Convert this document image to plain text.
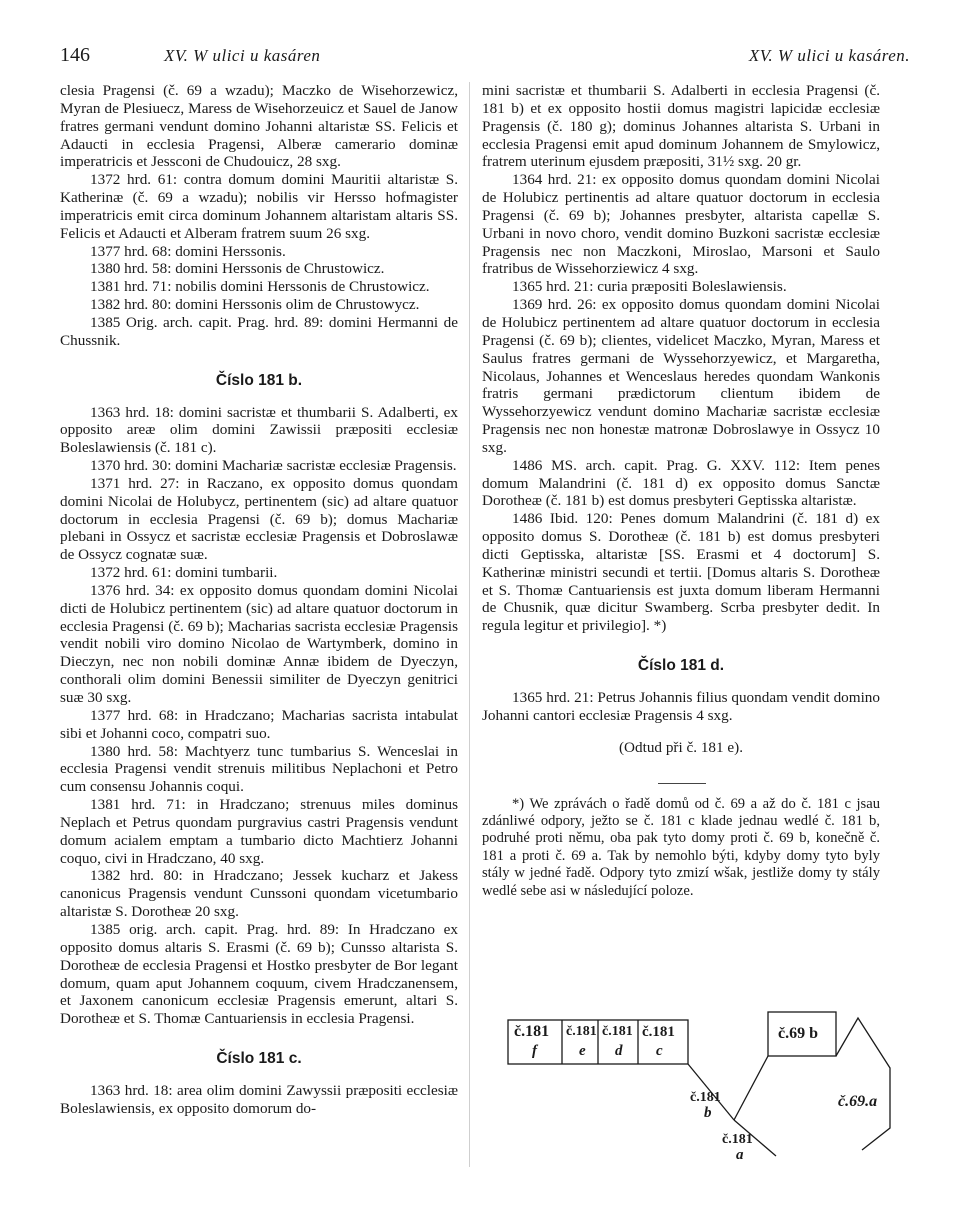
146	XV. W ulici u kasáren	XV. W ulici u kasáren.

clesia Pragensi (č. 69 a wzadu); Maczko de Wisehorzewicz, Myran de Plesiuecz, Maress de Wisehorzeuicz et Sauel de Janow fratres germani vendunt domino Johanni altaristæ SS. Felicis et Adaucti in ecclesia Pragensi, Alberæ camerario dominæ imperatricis et Jessconi de Chudouicz, 28 sxg.

1372 hrd. 61: contra domum domini Mauritii altaristæ S. Katherinæ (č. 69 a wzadu); nobilis vir Hersso hofmagister imperatricis emit circa dominum Johannem altaristam altaris SS. Felicis et Adaucti et Alberam fratrem suum 26 sxg.

1377 hrd. 68: domini Herssonis.

1380 hrd. 58: domini Herssonis de Chrustowicz.

1381 hrd. 71: nobilis domini Herssonis de Chrustowicz.

1382 hrd. 80: domini Herssonis olim de Chrustowycz.

1385 Orig. arch. capit. Prag. hrd. 89: domini Hermanni de Chussnik.

Číslo 181 b.

1363 hrd. 18: domini sacristæ et thumbarii S. Adalberti, ex opposito areæ olim domini Zawissii præpositi ecclesiæ Boleslawiensis (č. 181 c).

1370 hrd. 30: domini Machariæ sacristæ ecclesiæ Pragensis.

1371 hrd. 27: in Raczano, ex opposito domus quondam domini Nicolai de Holubycz, pertinentem (sic) ad altare quatuor doctorum in ecclesia Pragensi (č. 69 b); domus Machariæ plebani in Ossycz et sacristæ ecclesiæ Pragensis et Dobroslawæ de Ossycz cognatæ suæ.

1372 hrd. 61: domini tumbarii.

1376 hrd. 34: ex opposito domus quondam domini Nicolai dicti de Holubicz pertinentem (sic) ad altare quatuor doctorum in ecclesia Pragensi (č. 69 b); Macharias sacrista ecclesiæ Pragensis vendit nobili viro domino Nicolao de Wartymberk, domino in Dieczyn, nec non nobili dominæ Annæ ibidem de Dyeczyn, conthorali olim domini Benessii similiter de Dyeczyn genitrici suæ 30 sxg.

1377 hrd. 68: in Hradczano; Macharias sacrista intabulat sibi et Johanni coco, compatri suo.

1380 hrd. 58: Machtyerz tunc tumbarius S. Wenceslai in ecclesia Pragensi vendit strenuis militibus Neplachoni et Petro cum consensu Johannis coqui.

1381 hrd. 71: in Hradczano; strenuus miles dominus Neplach et Petrus quondam purgravius castri Pragensis vendunt domum acialem emptam a tumbario dicto Machtierz Johanni coquo, civi in Hradczano, 40 sxg.

1382 hrd. 80: in Hradczano; Jessek kucharz et Jakess canonicus Pragensis vendunt Cunssoni quondam vicetumbario altaristæ S. Dorotheæ 20 sxg.

1385 orig. arch. capit. Prag. hrd. 89: In Hradczano ex opposito domus altaris S. Erasmi (č. 69 b); Cunsso altarista S. Dorotheæ de ecclesia Pragensi et Hostko presbyter de Bor legant domum, quam aput Johannem coquum, civem Hradczanensem, et Jaxonem canonicum ecclesiæ Pragensis emerunt, altari S. Dorotheæ et S. Thomæ Cantuariensis in ecclesia Pragensi.

Číslo 181 c.

1363 hrd. 18: area olim domini Zawyssii præpositi ecclesiæ Boleslawiensis, ex opposito domorum do-

mini sacristæ et thumbarii S. Adalberti in ecclesia Pragensi (č. 181 b) et ex opposito hostii domus magistri lapicidæ ecclesiæ Pragensis (č. 180 g); dominus Johannes altarista S. Urbani in ecclesia Pragensi emit apud dominum Johannem de Smylowicz, fratrem uterinum ejusdem præpositi, 31½ sxg. 20 gr.

1364 hrd. 21: ex opposito domus quondam domini Nicolai de Holubicz pertinentis ad altare quatuor doctorum in ecclesia Pragensi (č. 69 b); Johannes presbyter, altarista capellæ S. Urbani in novo choro, vendit domino Buzkoni sacristæ ecclesiæ Pragensis nec non Maczkoni, Miroslao, Marsoni et Saulo fratribus de Wissehorziewicz 4 sxg.

1365 hrd. 21: curia præpositi Boleslawiensis.

1369 hrd. 26: ex opposito domus quondam domini Nicolai de Holubicz pertinentem ad altare quatuor doctorum in ecclesia Pragensi (č. 69 b); clientes, videlicet Maczko, Myran, Maress et Saulus fratres germani de Wyssehorzyewicz, et Margaretha, Nicolaus, Johannes et Wenceslaus heredes quondam Wankonis fratris germani prædictorum clientum ibidem de Wyssehorzyewicz vendunt domino Machariæ sacristæ ecclesiæ Pragensis nec non honestæ matronæ Dobroslawye in Ossycz 10 sxg.

1486 MS. arch. capit. Prag. G. XXV. 112: Item penes domum Malandrini (č. 181 d) ex opposito domus Sanctæ Dorotheæ (č. 181 b) est domus presbyteri Geptisska altaristæ.

1486 Ibid. 120: Penes domum Malandrini (č. 181 d) ex opposito domus S. Dorotheæ (č. 181 b) est domus presbyteri dicti Geptisska, altaristæ [SS. Erasmi et 4 doctorum] S. Katherinæ ministri secundi et tertii. [Domus altaris S. Dorotheæ et S. Thomæ Cantuariensis est juxta domum liberam Hermanni de Chusnik, quæ dicitur Swamberg. Scrba presbyter dedit. In regula legitur et privilegio]. *)

Číslo 181 d.

1365 hrd. 21: Petrus Johannis filius quondam vendit domino Johanni cantori ecclesiæ Pragensis 4 sxg.

(Odtud při č. 181 e).

*) We zprávách o řadě domů od č. 69 a až do č. 181 c jsau zdánliwé odpory, ježto se č. 181 c klade jednau wedlé č. 181 b, podruhé proti němu, oba pak tyto domy proti č. 69 b, konečně č. 181 a proti č. 69 a. Tak by nemohlo býti, kdyby domy tyto byly stály w jedné řadě. Odpory tyto zmizí wšak, jestliže domy ty stály wedlé sebe asi w následující poloze.

č.181
f
č.181
e
č.181
d
č.181
c
č.69 b
č.69.a
č.181
b
č.181
a
